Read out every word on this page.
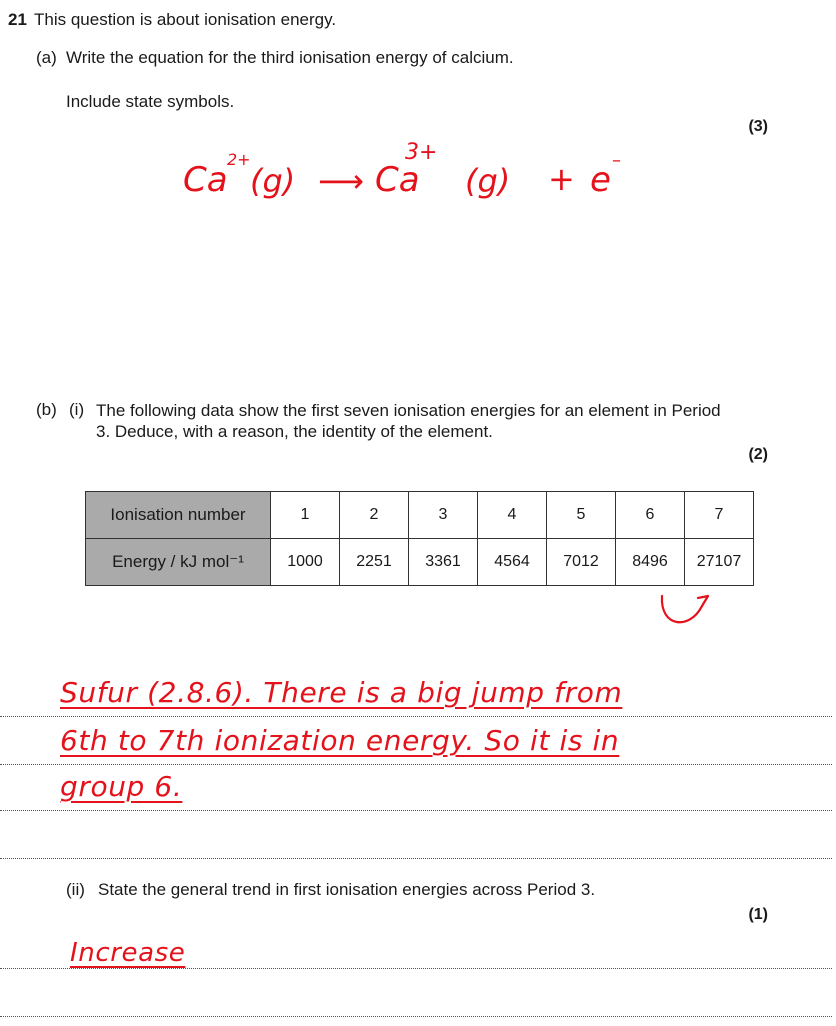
21 This question is about ionisation energy.
(a) Write the equation for the third ionisation energy of calcium.
Include state symbols.
(3)
Ca
2+
(g) ⟶ Ca
3+
(g) + e –
(b) (i) The following data show the first seven ionisation energies for an element in Period 3. Deduce, with a reason, the identity of the element.
(2)
Ionisation number	1	2	3	4	5	6	7
Energy / kJ mol⁻¹	1000	2251	3361	4564	7012	8496	27107
Sufur (2.8.6). There is a big jump from
6th to 7th ionization energy. So it is in
group 6.
(ii) State the general trend in first ionisation energies across Period 3.
(1)
Increase
